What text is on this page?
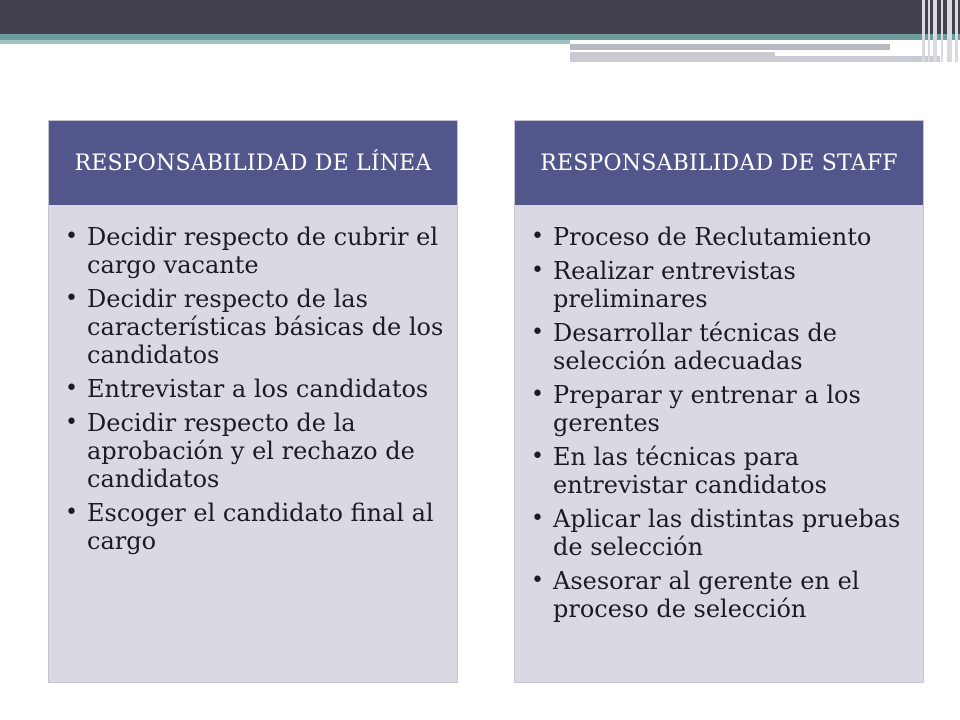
RESPONSABILIDAD DE LÍNEA
• Decidir respecto de cubrir el cargo vacante
• Decidir respecto de las características básicas de los candidatos
• Entrevistar a los candidatos
• Decidir respecto de la aprobación y el rechazo de candidatos
• Escoger el candidato final al cargo
RESPONSABILIDAD DE STAFF
• Proceso de Reclutamiento
• Realizar entrevistas preliminares
• Desarrollar técnicas de selección adecuadas
• Preparar y entrenar a los gerentes
• En las técnicas para entrevistar candidatos
• Aplicar las distintas pruebas de selección
• Asesorar al gerente en el proceso de selección
